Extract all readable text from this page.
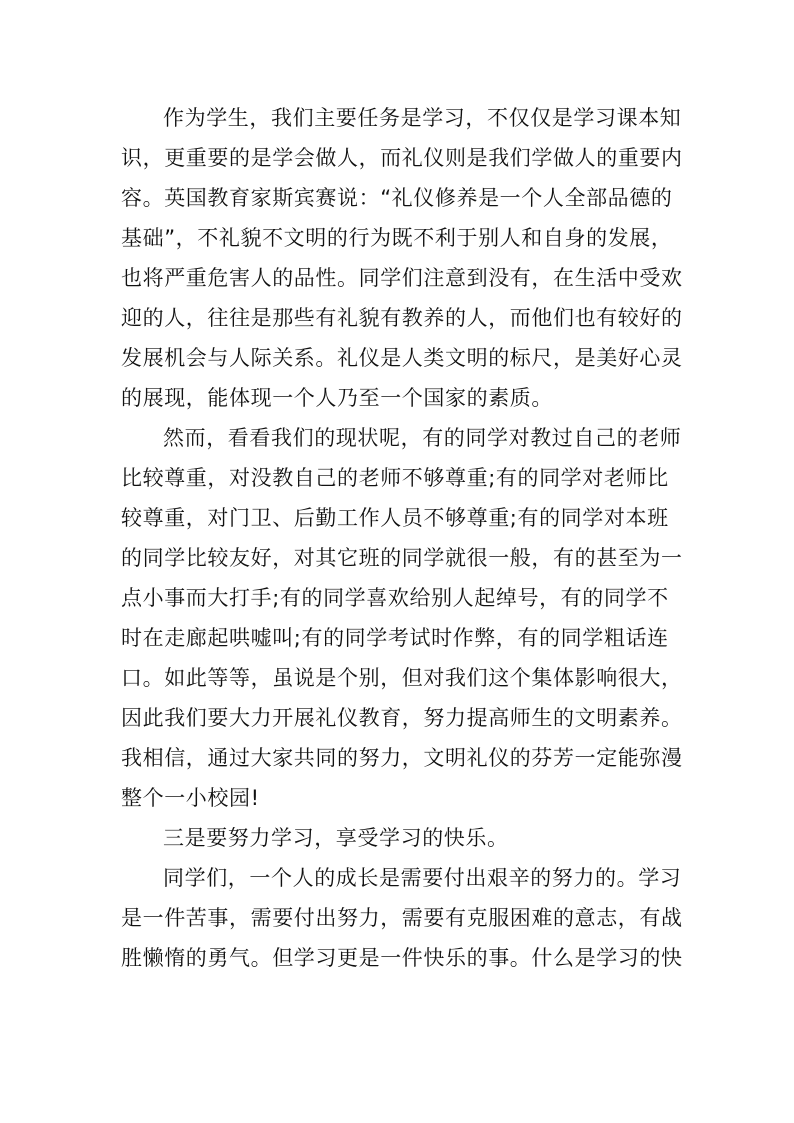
作为学生，我们主要任务是学习，不仅仅是学习课本知
识，更重要的是学会做人，而礼仪则是我们学做人的重要内
容。英国教育家斯宾赛说：“礼仪修养是一个人全部品德的
基础”，不礼貌不文明的行为既不利于别人和自身的发展，
也将严重危害人的品性。同学们注意到没有，在生活中受欢
迎的人，往往是那些有礼貌有教养的人，而他们也有较好的
发展机会与人际关系。礼仪是人类文明的标尺，是美好心灵
的展现，能体现一个人乃至一个国家的素质。
然而，看看我们的现状呢，有的同学对教过自己的老师
比较尊重，对没教自己的老师不够尊重;有的同学对老师比
较尊重，对门卫、后勤工作人员不够尊重;有的同学对本班
的同学比较友好，对其它班的同学就很一般，有的甚至为一
点小事而大打手;有的同学喜欢给别人起绰号，有的同学不
时在走廊起哄嘘叫;有的同学考试时作弊，有的同学粗话连
口。如此等等，虽说是个别，但对我们这个集体影响很大，
因此我们要大力开展礼仪教育，努力提高师生的文明素养。
我相信，通过大家共同的努力，文明礼仪的芬芳一定能弥漫
整个一小校园!
三是要努力学习，享受学习的快乐。
同学们，一个人的成长是需要付出艰辛的努力的。学习
是一件苦事，需要付出努力，需要有克服困难的意志，有战
胜懒惰的勇气。但学习更是一件快乐的事。什么是学习的快
